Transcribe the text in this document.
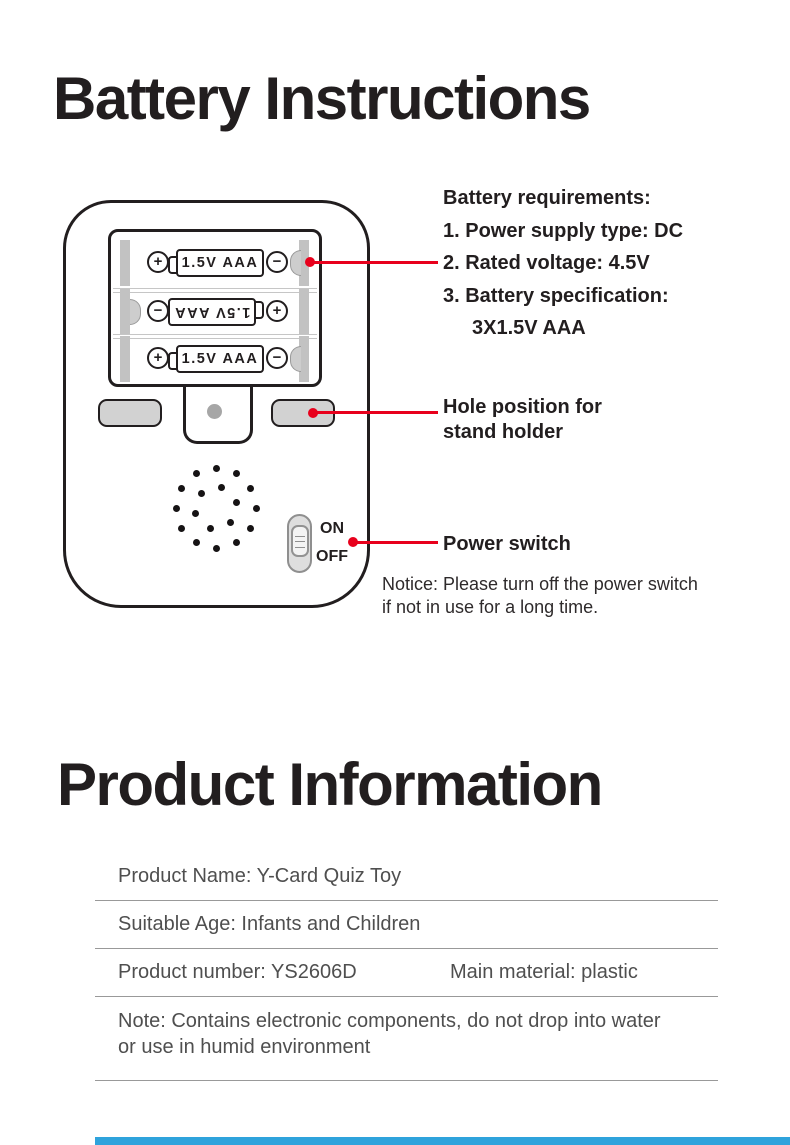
Battery Instructions
+	1.5V AAA −
− 1.5V AAA	+
+	1.5V AAA −
ON
OFF
Battery requirements:
1. Power supply type: DC
2. Rated voltage: 4.5V
3. Battery specification:
3X1.5V AAA
Hole position for
stand holder
Power switch
Notice: Please turn off the power switch
if not in use for a long time.
Product Information
Product Name: Y-Card Quiz Toy
Suitable Age: Infants and Children
Product number: YS2606D	Main material: plastic
Note: Contains electronic components, do not drop into water
or use in humid environment
